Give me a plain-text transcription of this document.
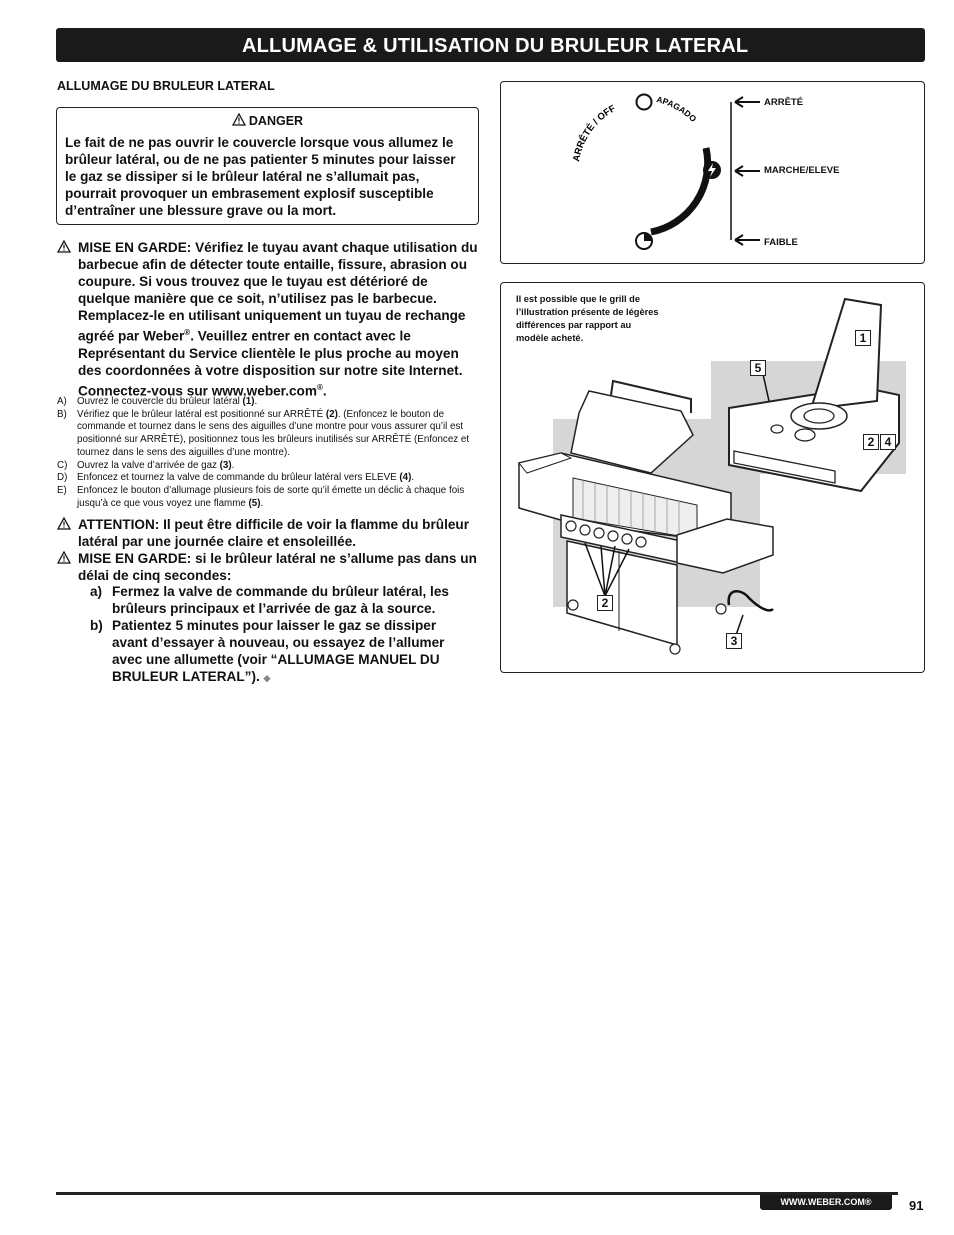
ALLUMAGE & UTILISATION DU BRULEUR LATERAL
ALLUMAGE DU BRULEUR LATERAL
DANGER
Le fait de ne pas ouvrir le couvercle lorsque vous allumez le brûleur latéral, ou de ne pas patienter 5 minutes pour laisser le gaz se dissiper si le brûleur latéral ne s’allumait pas, pourrait provoquer un embrasement explosif susceptible d’entraîner une blessure grave ou la mort.
MISE EN GARDE: Vérifiez le tuyau avant chaque utilisation du barbecue afin de détecter toute entaille, fissure, abrasion ou coupure. Si vous trouvez que le tuyau est détérioré de quelque manière que ce soit, n’utilisez pas le barbecue. Remplacez-le en utilisant uniquement un tuyau de rechange agréé par Weber®. Veuillez entrer en contact avec le Représentant du Service clientèle le plus proche au moyen des coordonnées à votre disposition sur notre site Internet. Connectez-vous sur www.weber.com®.
A) Ouvrez le couvercle du brûleur latéral (1).
B) Vérifiez que le brûleur latéral est positionné sur ARRÊTÉ (2). (Enfoncez le bouton de commande et tournez dans le sens des aiguilles d’une montre pour vous assurer qu’il est positionné sur ARRÊTÉ), positionnez tous les brûleurs inutilisés sur ARRÊTÉ (Enfoncez et tournez dans le sens des aiguilles d’une montre).
C) Ouvrez la valve d’arrivée de gaz (3).
D) Enfoncez et tournez la valve de commande du brûleur latéral vers ELEVE (4).
E) Enfoncez le bouton d’allumage plusieurs fois de sorte qu’il émette un déclic à chaque fois jusqu’à ce que vous voyez une flamme (5).
ATTENTION: Il peut être difficile de voir la flamme du brûleur latéral par une journée claire et ensoleillée.
MISE EN GARDE: si le brûleur latéral ne s’allume pas dans un délai de cinq secondes:
a) Fermez la valve de commande du brûleur latéral, les brûleurs principaux et l’arrivée de gaz à la source.
b) Patientez 5 minutes pour laisser le gaz se dissiper avant d’essayer à nouveau, ou essayez de l’allumer avec une allumette (voir “ALLUMAGE MANUEL DU BRULEUR LATERAL”). ◆
ARRÊTÉ / OFF
APAGADO
ARRÊTÉ
MARCHE/ELEVE
FAIBLE
Il est possible que le grill de l’illustration présente de légères différences par rapport au modèle acheté.	1
5
2 4
2
3
WWW.WEBER.COM®	91
